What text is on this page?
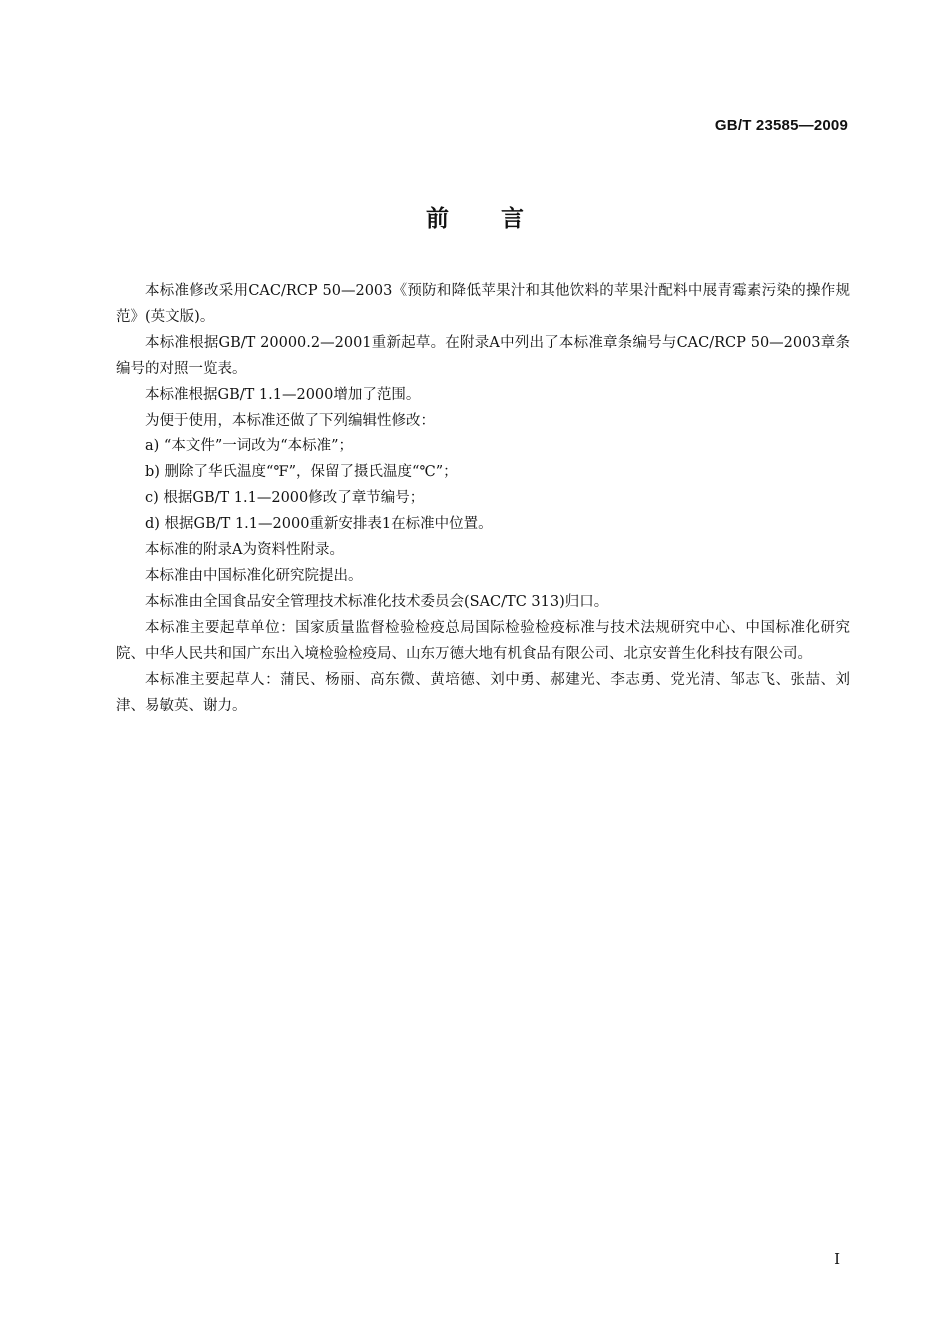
GB/T 23585—2009
前言

本标准修改采用CAC/RCP 50—2003《预防和降低苹果汁和其他饮料的苹果汁配料中展青霉素污染的操作规范》(英文版)。

本标准根据GB/T 20000.2—2001重新起草。在附录A中列出了本标准章条编号与CAC/RCP 50—2003章条编号的对照一览表。

本标准根据GB/T 1.1—2000增加了范围。

为便于使用，本标准还做了下列编辑性修改：

a) “本文件”一词改为“本标准”；

b) 删除了华氏温度“℉”，保留了摄氏温度“℃”；

c) 根据GB/T 1.1—2000修改了章节编号；

d) 根据GB/T 1.1—2000重新安排表1在标准中位置。

本标准的附录A为资料性附录。

本标准由中国标准化研究院提出。

本标准由全国食品安全管理技术标准化技术委员会(SAC/TC 313)归口。

本标准主要起草单位：国家质量监督检验检疫总局国际检验检疫标准与技术法规研究中心、中国标准化研究院、中华人民共和国广东出入境检验检疫局、山东万德大地有机食品有限公司、北京安普生化科技有限公司。

本标准主要起草人：蒲民、杨丽、高东微、黄培德、刘中勇、郝建光、李志勇、党光清、邹志飞、张喆、刘津、易敏英、谢力。

I
